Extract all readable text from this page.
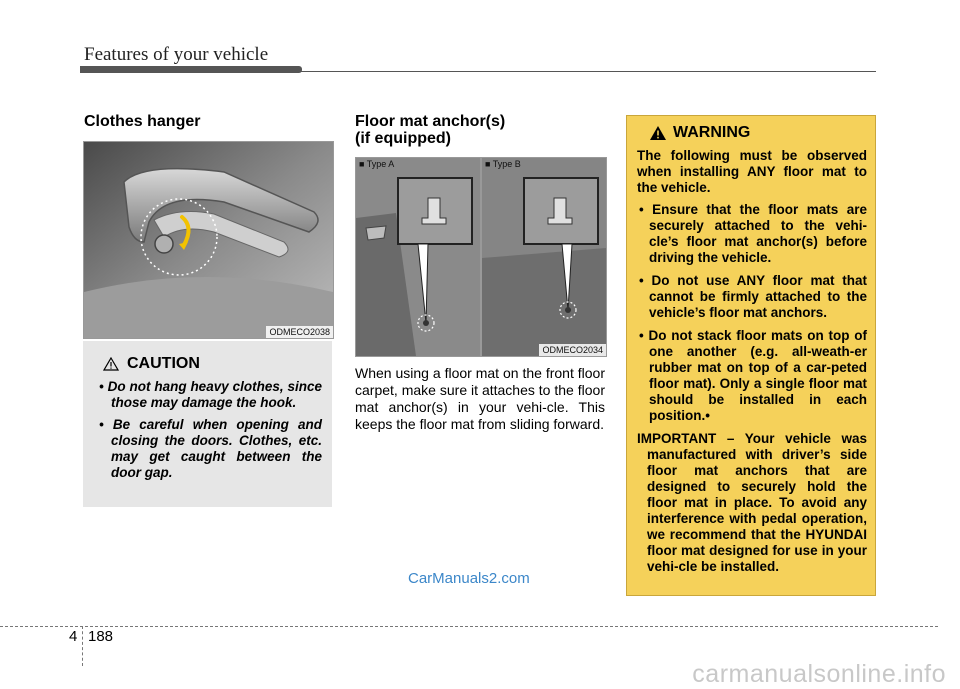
Features of your vehicle
Clothes hanger
ODMECO2038
CAUTION
• Do not hang heavy clothes, since those may damage the hook.
• Be careful when opening and closing the doors. Clothes, etc. may get caught between the door gap.
Floor mat anchor(s)
(if equipped)
■ Type A	■ Type B
ODMECO2034
When using a floor mat on the front floor carpet, make sure it attaches to the floor mat anchor(s) in your vehi-cle. This keeps the floor mat from sliding forward.
WARNING

The following must be observed when installing ANY floor mat to the vehicle.

• Ensure that the floor mats are securely attached to the vehi-cle’s floor mat anchor(s) before driving the vehicle.
• Do not use ANY floor mat that cannot be firmly attached to the vehicle’s floor mat anchors.
• Do not stack floor mats on top of one another (e.g. all-weath-er rubber mat on top of a car-peted floor mat). Only a single floor mat should be installed in each position.•
IMPORTANT – Your vehicle was manufactured with driver’s side floor mat anchors that are designed to securely hold the floor mat in place. To avoid any interference with pedal operation, we recommend that the HYUNDAI floor mat designed for use in your vehi-cle be installed.
CarManuals2.com
4 188
carmanualsonline.info
